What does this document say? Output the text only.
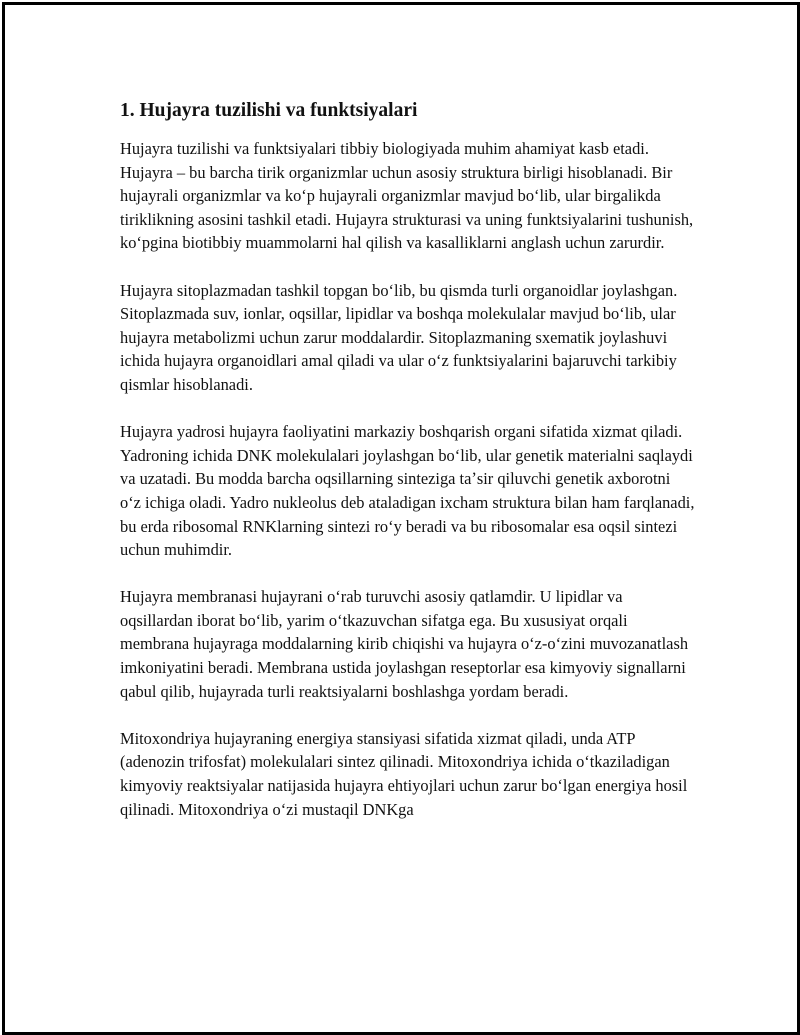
1. Hujayra tuzilishi va funktsiyalari

Hujayra tuzilishi va funktsiyalari tibbiy biologiyada muhim ahamiyat kasb etadi. Hujayra – bu barcha tirik organizmlar uchun asosiy struktura birligi hisoblanadi. Bir hujayrali organizmlar va koʻp hujayrali organizmlar mavjud boʻlib, ular birgalikda tiriklikning asosini tashkil etadi. Hujayra strukturasi va uning funktsiyalarini tushunish, koʻpgina biotibbiy muammolarni hal qilish va kasalliklarni anglash uchun zarurdir.

Hujayra sitoplazmadan tashkil topgan boʻlib, bu qismda turli organoidlar joylashgan. Sitoplazmada suv, ionlar, oqsillar, lipidlar va boshqa molekulalar mavjud boʻlib, ular hujayra metabolizmi uchun zarur moddalardir. Sitoplazmaning sxematik joylashuvi ichida hujayra organoidlari amal qiladi va ular oʻz funktsiyalarini bajaruvchi tarkibiy qismlar hisoblanadi.

Hujayra yadrosi hujayra faoliyatini markaziy boshqarish organi sifatida xizmat qiladi. Yadroning ichida DNK molekulalari joylashgan boʻlib, ular genetik materialni saqlaydi va uzatadi. Bu modda barcha oqsillarning sinteziga taʼsir qiluvchi genetik axborotni oʻz ichiga oladi. Yadro nukleolus deb ataladigan ixcham struktura bilan ham farqlanadi, bu erda ribosomal RNKlarning sintezi roʻy beradi va bu ribosomalar esa oqsil sintezi uchun muhimdir.

Hujayra membranasi hujayrani oʻrab turuvchi asosiy qatlamdir. U lipidlar va oqsillardan iborat boʻlib, yarim oʻtkazuvchan sifatga ega. Bu xususiyat orqali membrana hujayraga moddalarning kirib chiqishi va hujayra oʻz-oʻzini muvozanatlash imkoniyatini beradi. Membrana ustida joylashgan reseptorlar esa kimyoviy signallarni qabul qilib, hujayrada turli reaktsiyalarni boshlashga yordam beradi.

Mitoxondriya hujayraning energiya stansiyasi sifatida xizmat qiladi, unda ATP (adenozin trifosfat) molekulalari sintez qilinadi. Mitoxondriya ichida oʻtkaziladigan kimyoviy reaktsiyalar natijasida hujayra ehtiyojlari uchun zarur boʻlgan energiya hosil qilinadi. Mitoxondriya oʻzi mustaqil DNKga
